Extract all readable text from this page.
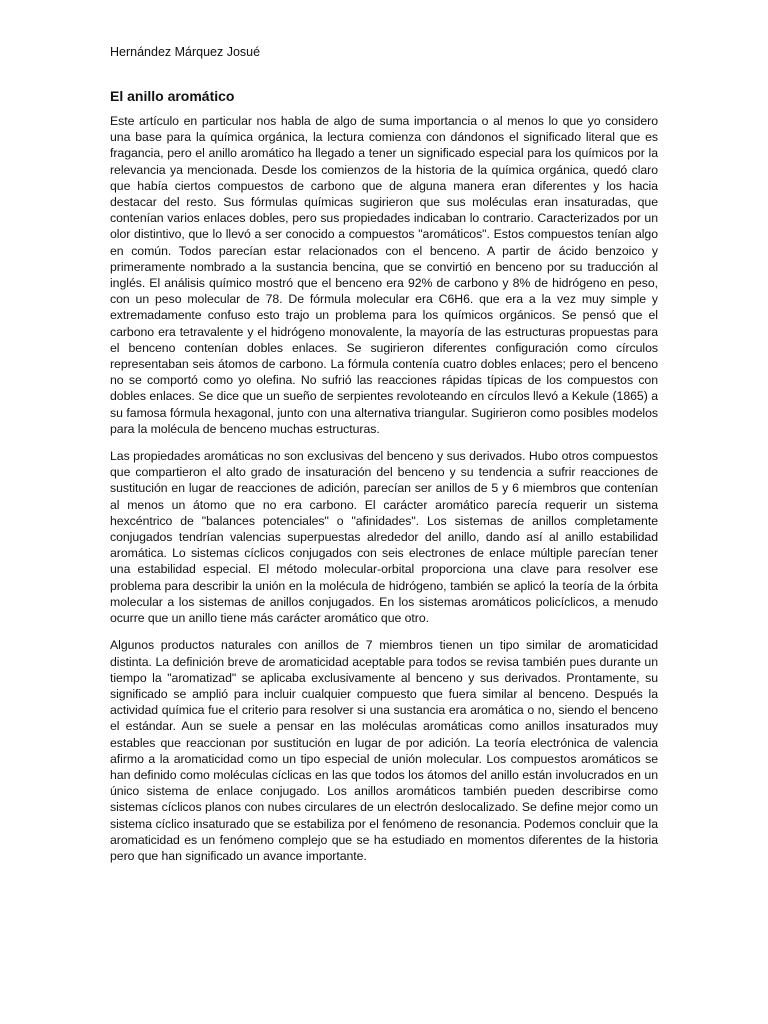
Hernández Márquez Josué
El anillo aromático

Este artículo en particular nos habla de algo de suma importancia o al menos lo que yo considero una base para la química orgánica, la lectura comienza con dándonos el significado literal que es fragancia, pero el anillo aromático ha llegado a tener un significado especial para los químicos por la relevancia ya mencionada. Desde los comienzos de la historia de la química orgánica, quedó claro que había ciertos compuestos de carbono que de alguna manera eran diferentes y los hacia destacar del resto. Sus fórmulas químicas sugirieron que sus moléculas eran insaturadas, que contenían varios enlaces dobles, pero sus propiedades indicaban lo contrario. Caracterizados por un olor distintivo, que lo llevó a ser conocido a compuestos "aromáticos". Estos compuestos tenían algo en común. Todos parecían estar relacionados con el benceno. A partir de ácido benzoico y primeramente nombrado a la sustancia bencina, que se convirtió en benceno por su traducción al inglés. El análisis químico mostró que el benceno era 92% de carbono y 8% de hidrógeno en peso, con un peso molecular de 78. De fórmula molecular era C6H6. que era a la vez muy simple y extremadamente confuso esto trajo un problema para los químicos orgánicos. Se pensó que el carbono era tetravalente y el hidrógeno monovalente, la mayoría de las estructuras propuestas para el benceno contenían dobles enlaces. Se sugirieron diferentes configuración como círculos representaban seis átomos de carbono. La fórmula contenía cuatro dobles enlaces; pero el benceno no se comportó como yo olefina. No sufrió las reacciones rápidas típicas de los compuestos con dobles enlaces. Se dice que un sueño de serpientes revoloteando en círculos llevó a Kekule (1865) a su famosa fórmula hexagonal, junto con una alternativa triangular. Sugirieron como posibles modelos para la molécula de benceno muchas estructuras.

Las propiedades aromáticas no son exclusivas del benceno y sus derivados. Hubo otros compuestos que compartieron el alto grado de insaturación del benceno y su tendencia a sufrir reacciones de sustitución en lugar de reacciones de adición, parecían ser anillos de 5 y 6 miembros que contenían al menos un átomo que no era carbono. El carácter aromático parecía requerir un sistema hexcéntrico de "balances potenciales" o "afinidades". Los sistemas de anillos completamente conjugados tendrían valencias superpuestas alrededor del anillo, dando así al anillo estabilidad aromática. Lo sistemas cíclicos conjugados con seis electrones de enlace múltiple parecían tener una estabilidad especial. El método molecular-orbital proporciona una clave para resolver ese problema para describir la unión en la molécula de hidrógeno, también se aplicó la teoría de la órbita molecular a los sistemas de anillos conjugados. En los sistemas aromáticos policíclicos, a menudo ocurre que un anillo tiene más carácter aromático que otro.

Algunos productos naturales con anillos de 7 miembros tienen un tipo similar de aromaticidad distinta. La definición breve de aromaticidad aceptable para todos se revisa también pues durante un tiempo la "aromatizad" se aplicaba exclusivamente al benceno y sus derivados. Prontamente, su significado se amplió para incluir cualquier compuesto que fuera similar al benceno. Después la actividad química fue el criterio para resolver si una sustancia era aromática o no, siendo el benceno el estándar. Aun se suele a pensar en las moléculas aromáticas como anillos insaturados muy estables que reaccionan por sustitución en lugar de por adición. La teoría electrónica de valencia afirmo a la aromaticidad como un tipo especial de unión molecular. Los compuestos aromáticos se han definido como moléculas cíclicas en las que todos los átomos del anillo están involucrados en un único sistema de enlace conjugado. Los anillos aromáticos también pueden describirse como sistemas cíclicos planos con nubes circulares de un electrón deslocalizado. Se define mejor como un sistema cíclico insaturado que se estabiliza por el fenómeno de resonancia. Podemos concluir que la aromaticidad es un fenómeno complejo que se ha estudiado en momentos diferentes de la historia pero que han significado un avance importante.
